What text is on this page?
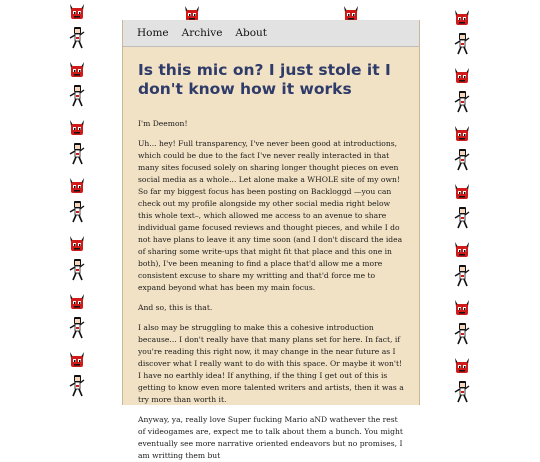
Home Archive About
Is this mic on? I just stole it I don't know how it works

I'm Deemon!

Uh... hey! Full transparency, I've never been good at introductions, which could be due to the fact I've never really interacted in that many sites focused solely on sharing longer thought pieces on even social media as a whole... Let alone make a WHOLE site of my own! So far my biggest focus has been posting on Backloggd —you can check out my profile alongside my other social media right below this whole text–, which allowed me access to an avenue to share individual game focused reviews and thought pieces, and while I do not have plans to leave it any time soon (and I don't discard the idea of sharing some write-ups that might fit that place and this one in both), I've been meaning to find a place that'd allow me a more consistent excuse to share my writting and that'd force me to expand beyond what has been my main focus.

And so, this is that.

I also may be struggling to make this a cohesive introduction because... I don't really have that many plans set for here. In fact, if you're reading this right now, it may change in the near future as I discover what I really want to do with this space. Or maybe it won't! I have no earthly idea! If anything, if the thing I get out of this is getting to know even more talented writers and artists, then it was a try more than worth it.

Anyway, ya, really love Super fucking Mario aND wathever the rest of videogames are, expect me to talk about them a bunch. You might eventually see more narrative oriented endeavors but no promises, I am writting them but
